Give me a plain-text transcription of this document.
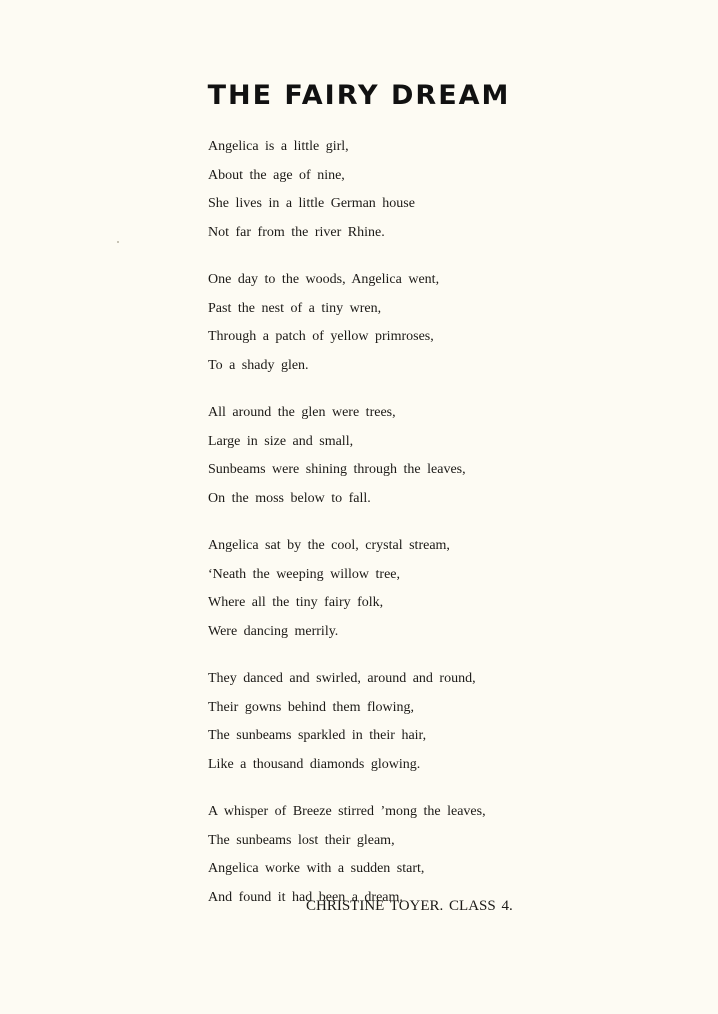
THE FAIRY DREAM
Angelica is a little girl,
About the age of nine,
She lives in a little German house
Not far from the river Rhine.
One day to the woods, Angelica went,
Past the nest of a tiny wren,
Through a patch of yellow primroses,
To a shady glen.
All around the glen were trees,
Large in size and small,
Sunbeams were shining through the leaves,
On the moss below to fall.
Angelica sat by the cool, crystal stream,
‘Neath the weeping willow tree,
Where all the tiny fairy folk,
Were dancing merrily.
They danced and swirled, around and round,
Their gowns behind them flowing,
The sunbeams sparkled in their hair,
Like a thousand diamonds glowing.
A whisper of Breeze stirred ’mong the leaves,
The sunbeams lost their gleam,
Angelica worke with a sudden start,
And found it had been a dream.
CHRISTINE TOYER. CLASS 4.
